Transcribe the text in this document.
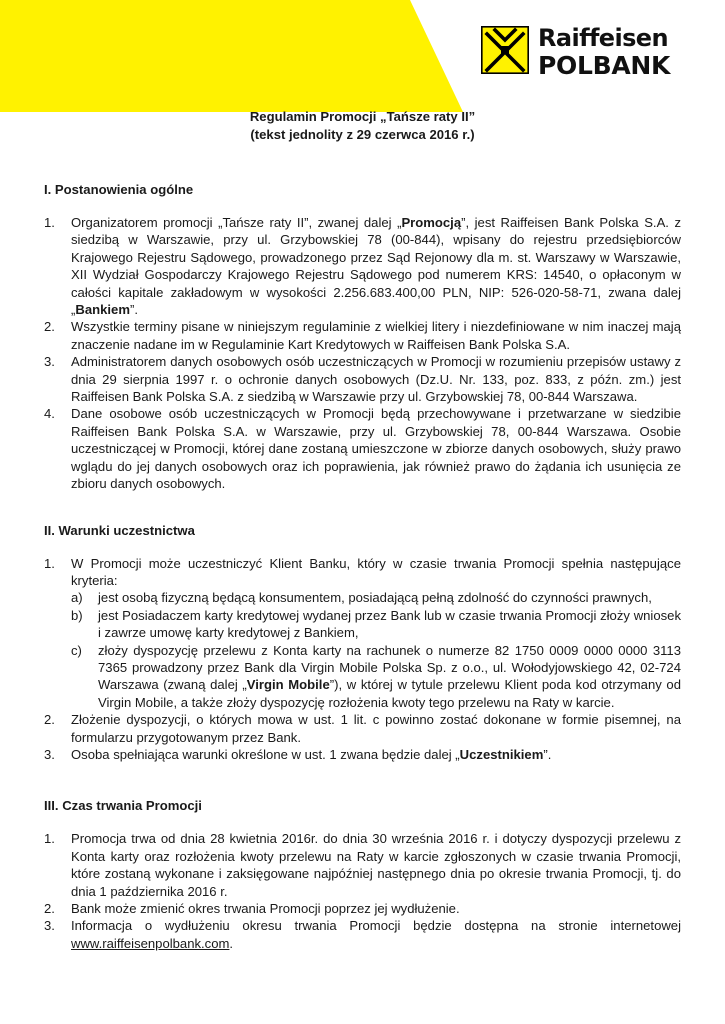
Raiffeisen
POLBANK
Regulamin Promocji „Tańsze raty II”
(tekst jednolity z 29 czerwca 2016 r.)
I. Postanowienia ogólne
1. Organizatorem promocji „Tańsze raty II”, zwanej dalej „Promocją”, jest Raiffeisen Bank Polska S.A. z siedzibą w Warszawie, przy ul. Grzybowskiej 78 (00-844), wpisany do rejestru przedsiębiorców Krajowego Rejestru Sądowego, prowadzonego przez Sąd Rejonowy dla m. st. Warszawy w Warszawie, XII Wydział Gospodarczy Krajowego Rejestru Sądowego pod numerem KRS: 14540, o opłaconym w całości kapitale zakładowym w wysokości 2.256.683.400,00 PLN, NIP: 526-020-58-71, zwana dalej „Bankiem”.
2. Wszystkie terminy pisane w niniejszym regulaminie z wielkiej litery i niezdefiniowane w nim inaczej mają znaczenie nadane im w Regulaminie Kart Kredytowych w Raiffeisen Bank Polska S.A.
3. Administratorem danych osobowych osób uczestniczących w Promocji w rozumieniu przepisów ustawy z dnia 29 sierpnia 1997 r. o ochronie danych osobowych (Dz.U. Nr. 133, poz. 833, z późn. zm.) jest Raiffeisen Bank Polska S.A. z siedzibą w Warszawie przy ul. Grzybowskiej 78, 00-844 Warszawa.
4. Dane osobowe osób uczestniczących w Promocji będą przechowywane i przetwarzane w siedzibie Raiffeisen Bank Polska S.A. w Warszawie, przy ul. Grzybowskiej 78, 00-844 Warszawa. Osobie uczestniczącej w Promocji, której dane zostaną umieszczone w zbiorze danych osobowych, służy prawo wglądu do jej danych osobowych oraz ich poprawienia, jak również prawo do żądania ich usunięcia ze zbioru danych osobowych.
II. Warunki uczestnictwa
1. W Promocji może uczestniczyć Klient Banku, który w czasie trwania Promocji spełnia następujące kryteria:
a) jest osobą fizyczną będącą konsumentem, posiadającą pełną zdolność do czynności prawnych,
b) jest Posiadaczem karty kredytowej wydanej przez Bank lub w czasie trwania Promocji złoży wniosek i zawrze umowę karty kredytowej z Bankiem,
c) złoży dyspozycję przelewu z Konta karty na rachunek o numerze 82 1750 0009 0000 0000 3113 7365 prowadzony przez Bank dla Virgin Mobile Polska Sp. z o.o., ul. Wołodyjowskiego 42, 02-724 Warszawa (zwaną dalej „Virgin Mobile”), w której w tytule przelewu Klient poda kod otrzymany od Virgin Mobile, a także złoży dyspozycję rozłożenia kwoty tego przelewu na Raty w karcie.
2. Złożenie dyspozycji, o których mowa w ust. 1 lit. c powinno zostać dokonane w formie pisemnej, na formularzu przygotowanym przez Bank.
3. Osoba spełniająca warunki określone w ust. 1 zwana będzie dalej „Uczestnikiem”.
III. Czas trwania Promocji
1. Promocja trwa od dnia 28 kwietnia 2016r. do dnia 30 września 2016 r. i dotyczy dyspozycji przelewu z Konta karty oraz rozłożenia kwoty przelewu na Raty w karcie zgłoszonych w czasie trwania Promocji, które zostaną wykonane i zaksięgowane najpóźniej następnego dnia po okresie trwania Promocji, tj. do dnia 1 października 2016 r.
2. Bank może zmienić okres trwania Promocji poprzez jej wydłużenie.
3. Informacja o wydłużeniu okresu trwania Promocji będzie dostępna na stronie internetowej www.raiffeisenpolbank.com.
